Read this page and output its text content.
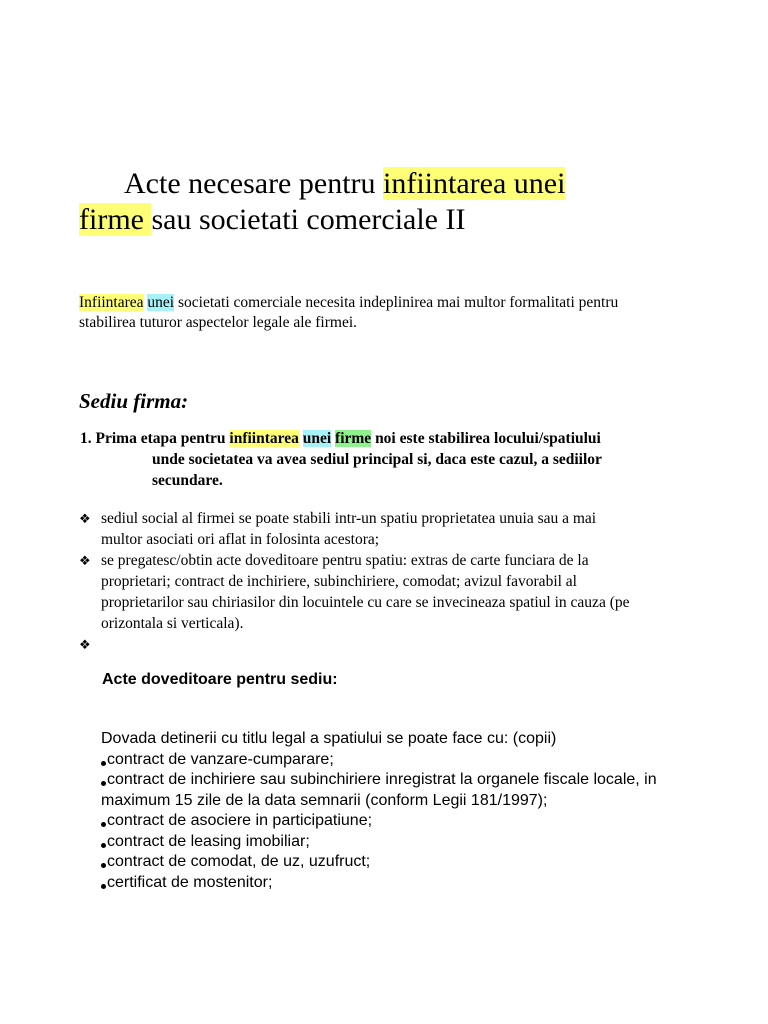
Acte necesare pentru infiintarea unei
firme sau societati comerciale II
Infiintarea unei societati comerciale necesita indeplinirea mai multor formalitati pentru
stabilirea tuturor aspectelor legale ale firmei.
Sediu firma:
1. Prima etapa pentru infiintarea unei firme noi este stabilirea locului/spatiului
unde societatea va avea sediul principal si, daca este cazul, a sediilor
secundare.
❖ sediul social al firmei se poate stabili intr-un spatiu proprietatea unuia sau a mai
multor asociati ori aflat in folosinta acestora;
❖ se pregatesc/obtin acte doveditoare pentru spatiu: extras de carte funciara de la
proprietari; contract de inchiriere, subinchiriere, comodat; avizul favorabil al
proprietarilor sau chiriasilor din locuintele cu care se invecineaza spatiul in cauza (pe
orizontala si verticala).
❖
Acte doveditoare pentru sediu:
Dovada detinerii cu titlu legal a spatiului se poate face cu: (copii)
contract de vanzare-cumparare;
contract de inchiriere sau subinchiriere inregistrat la organele fiscale locale, in
maximum 15 zile de la data semnarii (conform Legii 181/1997);
contract de asociere in participatiune;
contract de leasing imobiliar;
contract de comodat, de uz, uzufruct;
certificat de mostenitor;
